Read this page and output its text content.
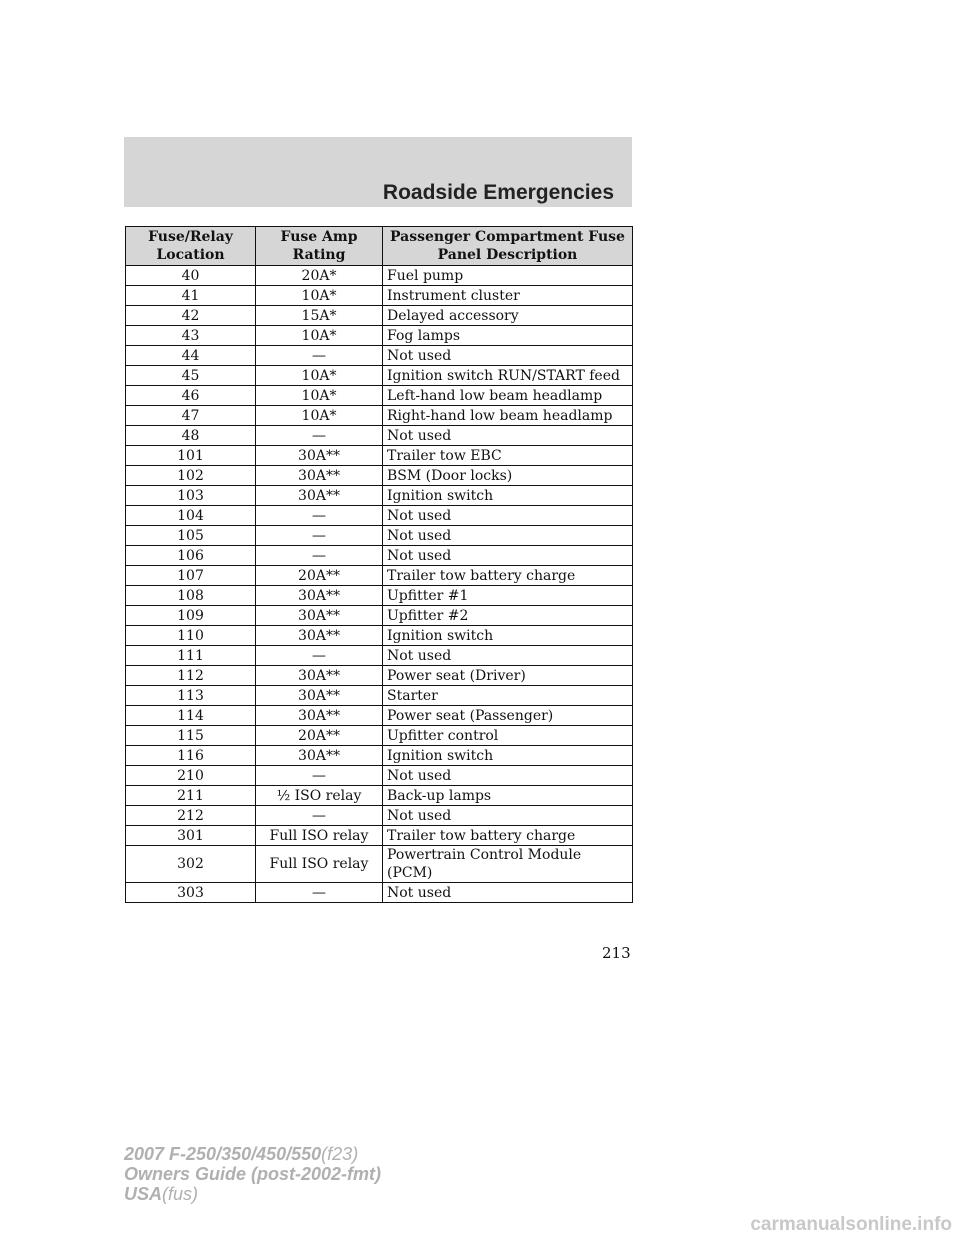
Roadside Emergencies
Fuse/Relay Location	Fuse Amp Rating	Passenger Compartment Fuse Panel Description
40	20A*	Fuel pump
41	10A*	Instrument cluster
42	15A*	Delayed accessory
43	10A*	Fog lamps
44	—	Not used
45	10A*	Ignition switch RUN/START feed
46	10A*	Left-hand low beam headlamp
47	10A*	Right-hand low beam headlamp
48	—	Not used
101	30A**	Trailer tow EBC
102	30A**	BSM (Door locks)
103	30A**	Ignition switch
104	—	Not used
105	—	Not used
106	—	Not used
107	20A**	Trailer tow battery charge
108	30A**	Upfitter #1
109	30A**	Upfitter #2
110	30A**	Ignition switch
111	—	Not used
112	30A**	Power seat (Driver)
113	30A**	Starter
114	30A**	Power seat (Passenger)
115	20A**	Upfitter control
116	30A**	Ignition switch
210	—	Not used
211	½ ISO relay	Back-up lamps
212	—	Not used
301	Full ISO relay	Trailer tow battery charge
302	Full ISO relay	Powertrain Control Module (PCM)
303	—	Not used
213
2007 F-250/350/450/550(f23)
Owners Guide (post-2002-fmt)
USA(fus)
carmanualsonline.info
